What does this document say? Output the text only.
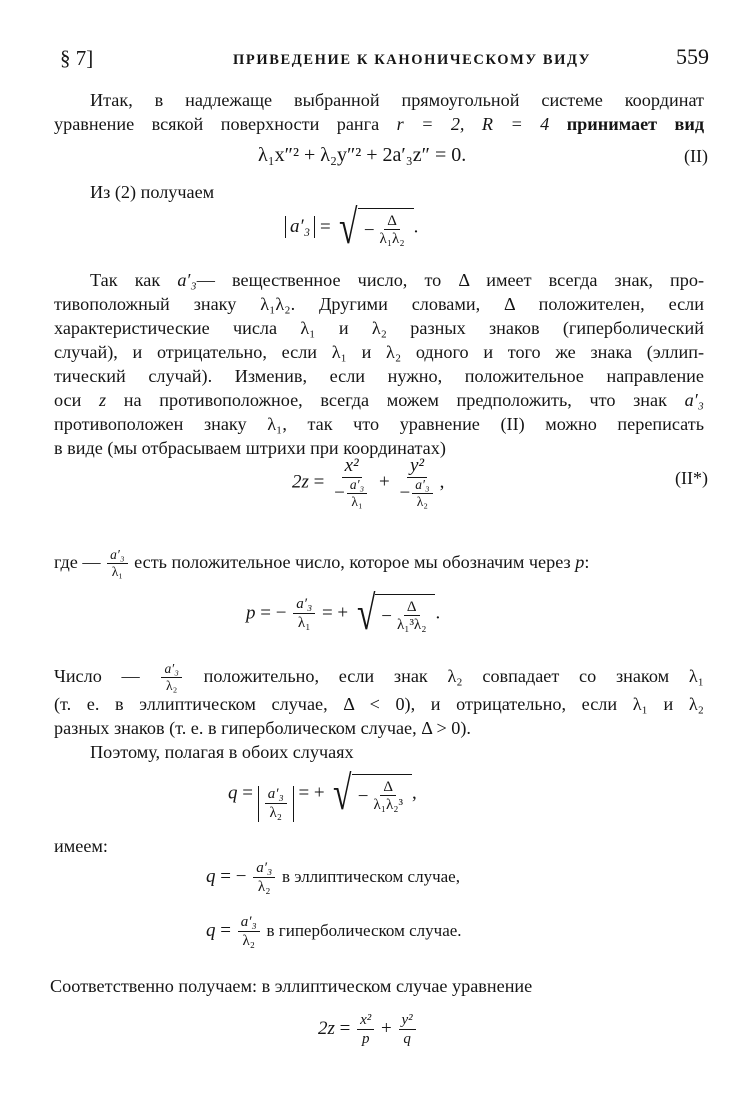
§ 7]	ПРИВЕДЕНИЕ К КАНОНИЧЕСКОМУ ВИДУ	559
Итак, в надлежаще выбранной прямоугольной системе координат
уравнение всякой поверхности ранга r = 2, R = 4 принимает вид
λ₁x″² + λ₂y″² + 2a′₃z″ = 0.	(II)
Из (2) получаем
a′₃ = √ − $\frac{\Delta}{\text{λ₁λ₂}}$ .
Так как a′₃— вещественное число, то Δ имеет всегда знак, про-
тивоположный знаку λ₁λ₂. Другими словами, Δ положителен, если
характеристические числа λ₁ и λ₂ разных знаков (гиперболический
случай), и отрицательно, если λ₁ и λ₂ одного и того же знака (эллип-
тический случай). Изменив, если нужно, положительное направление
оси z на противоположное, всегда можем предположить, что знак a′₃
противоположен знаку λ₁, так что уравнение (II) можно переписать
в виде (мы отбрасываем штрихи при координатах)
$2z = \frac{\text{x²}}{- \frac{\text{a′₃}}{\text{λ₁}}} + \frac{\text{y²}}{- \frac{\text{a′₃}}{\text{λ₂}}}$ ,	(II*)
где — $\frac{\text{a′₃}}{\text{λ₁}}$ есть положительное число, которое мы обозначим через p:
p = − $\frac{\text{a′₃}}{\text{λ₁}}$ = + √ − $\frac{\Delta}{\text{λ₁³λ₂}}$ .
Число — $\frac{\text{a′₃}}{\text{λ₂}}$ положительно, если знак λ₂ совпадает со знаком λ₁
(т. е. в эллиптическом случае, Δ < 0), и отрицательно, если λ₁ и λ₂
разных знаков (т. е. в гиперболическом случае, Δ > 0).
Поэтому, полагая в обоих случаях
$q = \frac{\text{a′₃}}{\text{λ₂}}$ = + √ − $\frac{\Delta}{\text{λ₁λ₂³}}$ ,
имеем:
q = − $\frac{\text{a′₃}}{\text{λ₂}}$ в эллиптическом случае,
$q = \frac{\text{a′₃}}{\text{λ₂}}$ в гиперболическом случае.
Соответственно получаем: в эллиптическом случае уравнение
$2z = \frac{\text{x²}}{p} + \frac{\text{y²}}{q}$
